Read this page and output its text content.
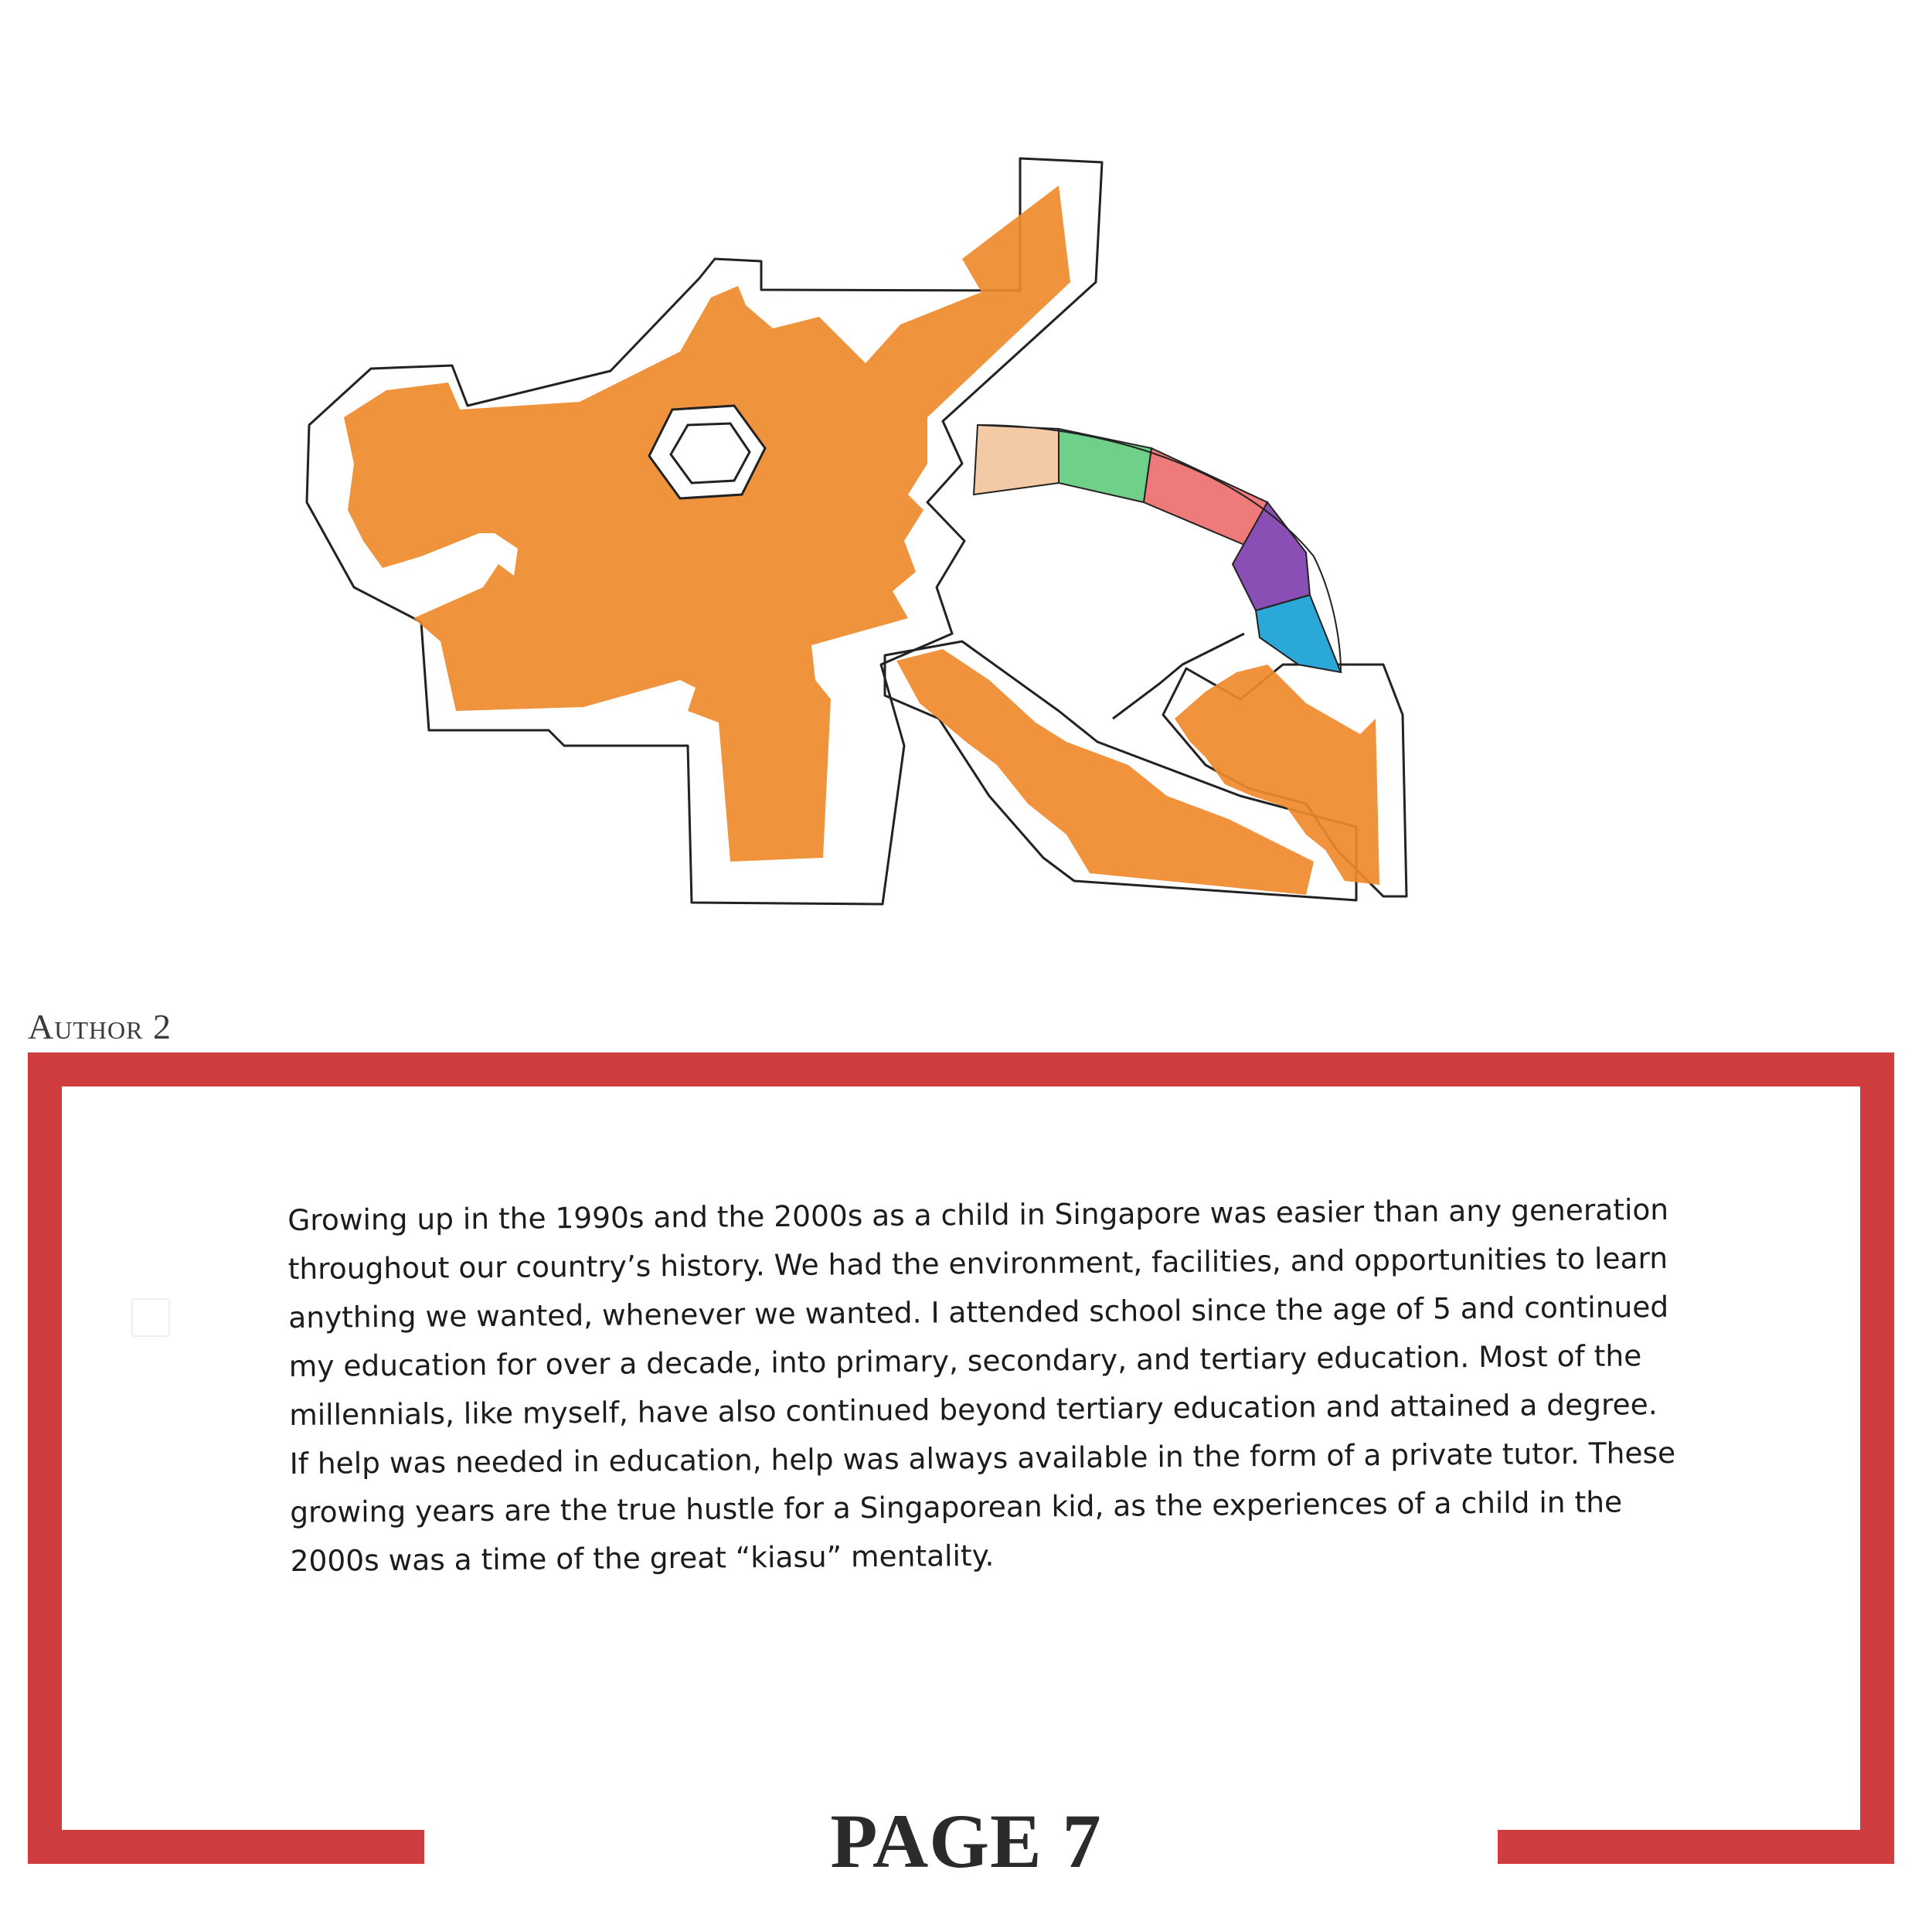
Author 2
Growing up in the 1990s and the 2000s as a child in Singapore was easier than any generation throughout our country’s history. We had the environment, facilities, and opportunities to learn anything we wanted, whenever we wanted. I attended school since the age of 5 and continued my education for over a decade, into primary, secondary, and tertiary education. Most of the millennials, like myself, have also continued beyond tertiary education and attained a degree. If help was needed in education, help was always available in the form of a private tutor. These growing years are the true hustle for a Singaporean kid, as the experiences of a child in the 2000s was a time of the great “kiasu” mentality.
PAGE 7
